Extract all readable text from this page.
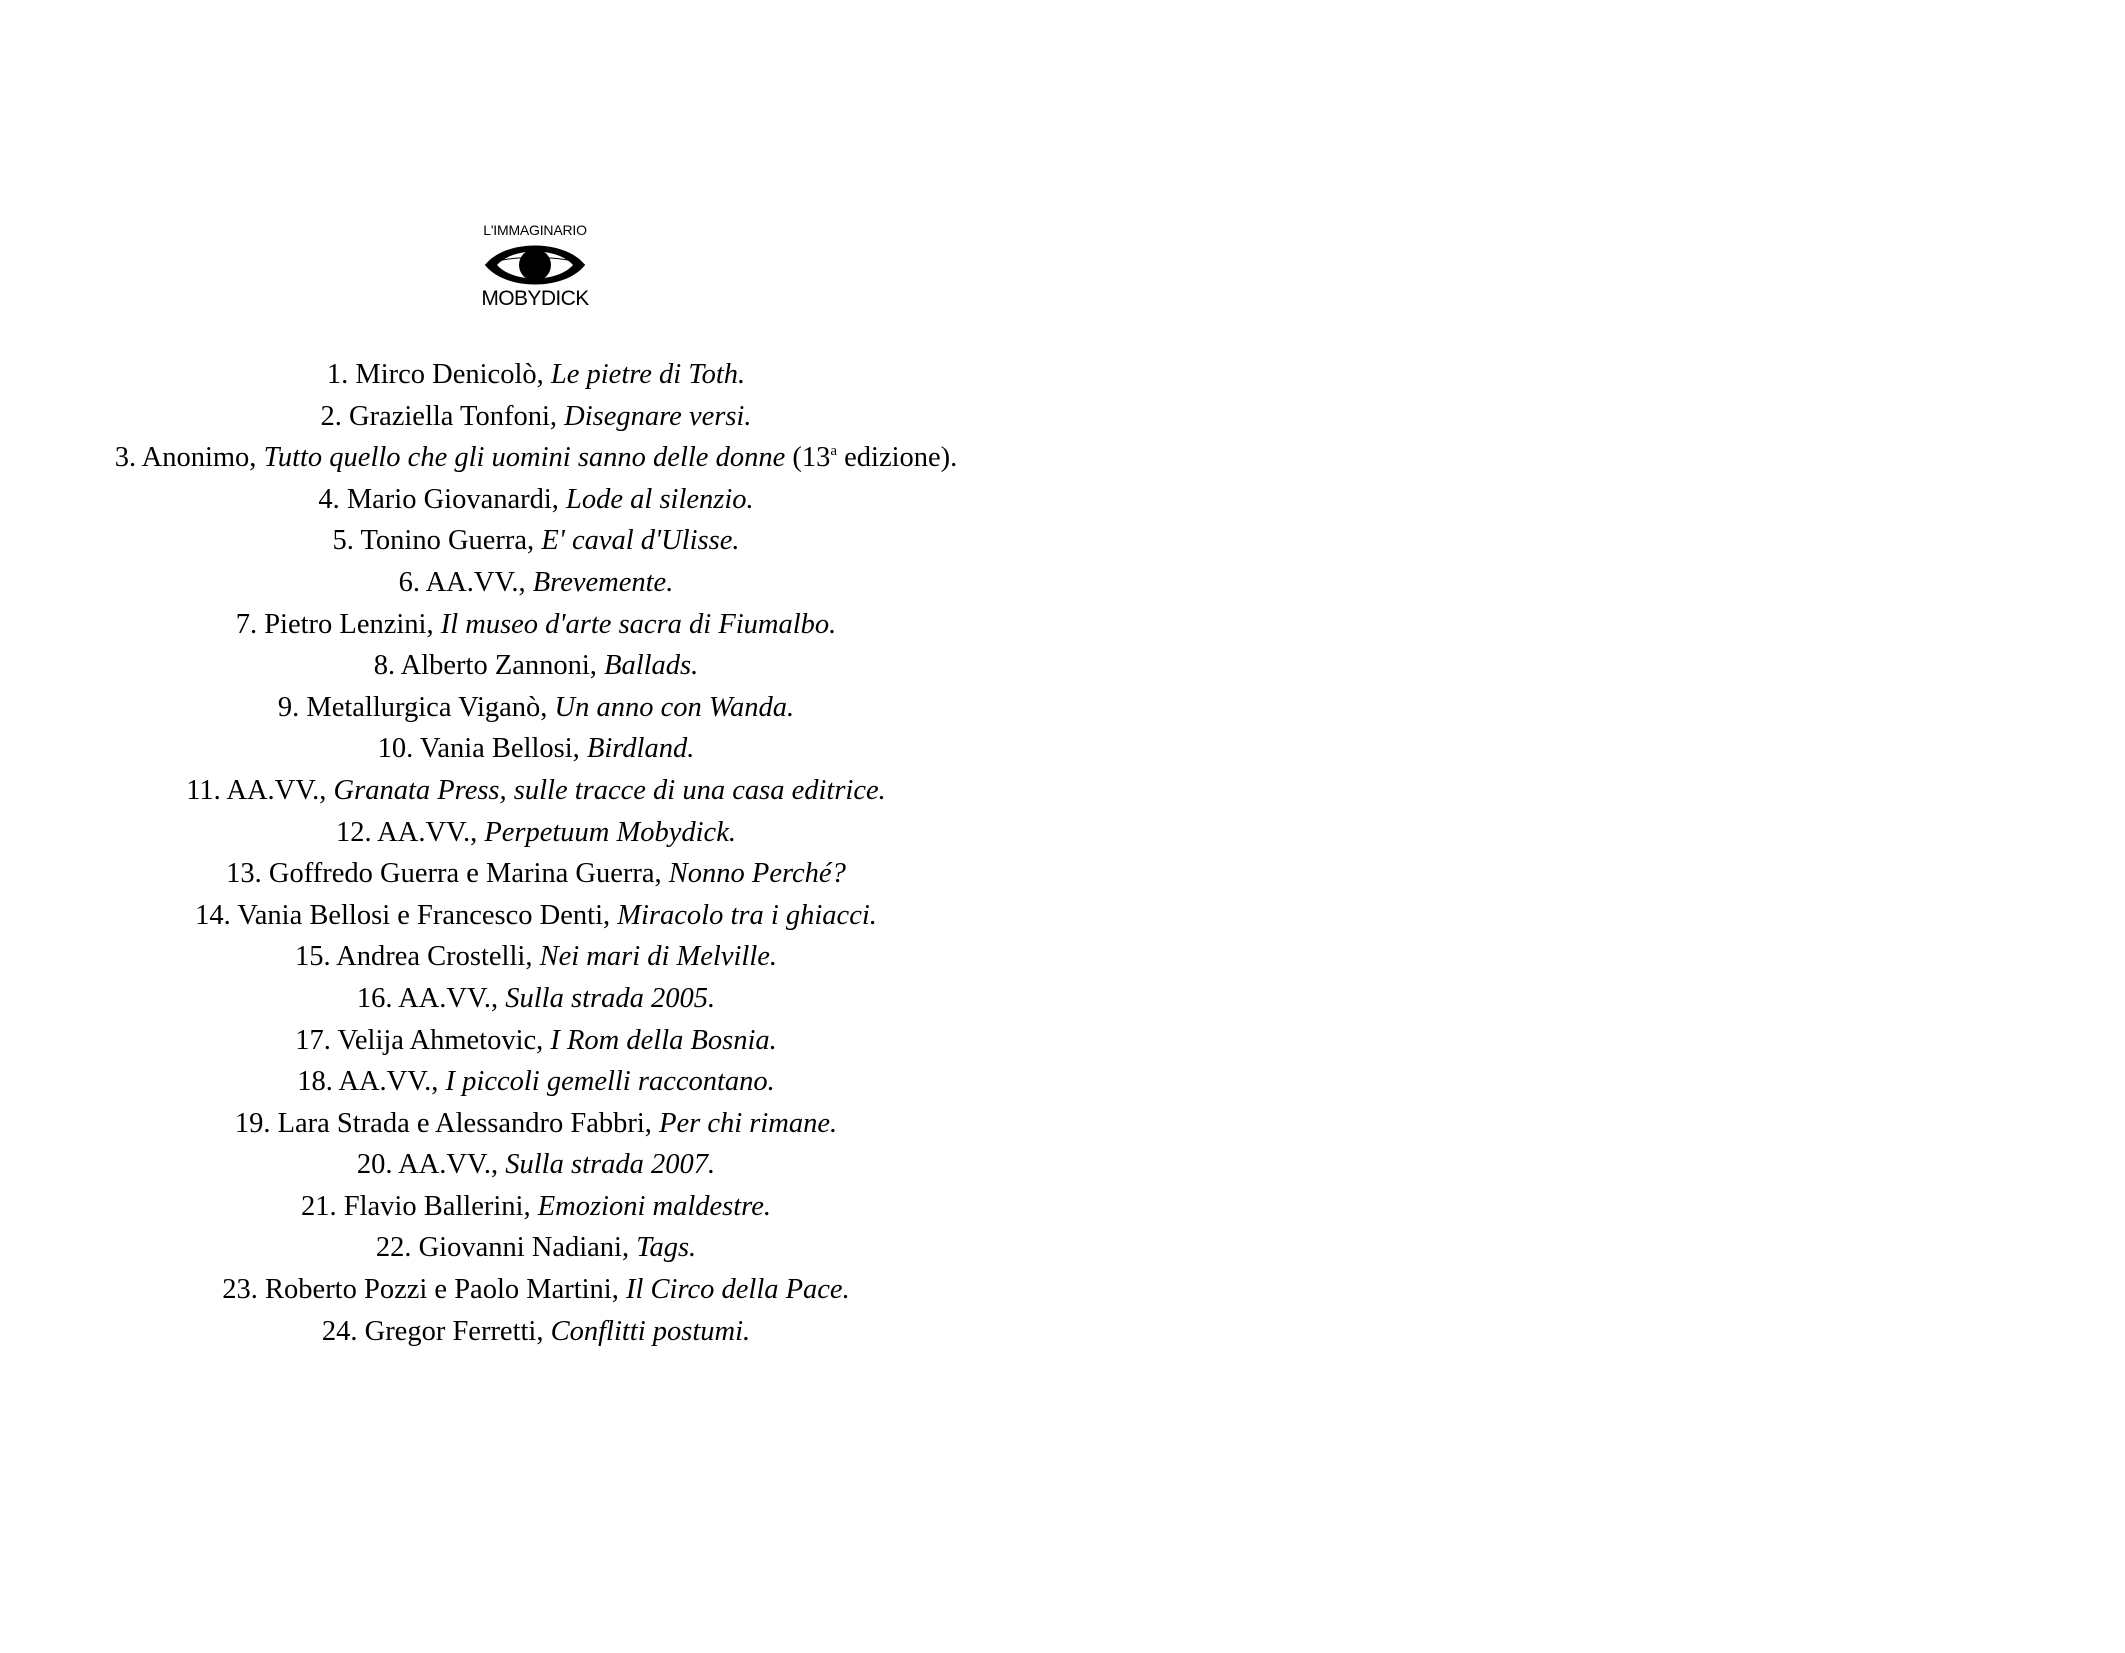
L'IMMAGINARIO
MOBYDICK
1. Mirco Denicolò, Le pietre di Toth.
2. Graziella Tonfoni, Disegnare versi.
3. Anonimo, Tutto quello che gli uomini sanno delle donne (13$^a$ edizione).
4. Mario Giovanardi, Lode al silenzio.
5. Tonino Guerra, E' caval d'Ulisse.
6. AA.VV., Brevemente.
7. Pietro Lenzini, Il museo d'arte sacra di Fiumalbo.
8. Alberto Zannoni, Ballads.
9. Metallurgica Viganò, Un anno con Wanda.
10. Vania Bellosi, Birdland.
11. AA.VV., Granata Press, sulle tracce di una casa editrice.
12. AA.VV., Perpetuum Mobydick.
13. Goffredo Guerra e Marina Guerra, Nonno Perché?
14. Vania Bellosi e Francesco Denti, Miracolo tra i ghiacci.
15. Andrea Crostelli, Nei mari di Melville.
16. AA.VV., Sulla strada 2005.
17. Velija Ahmetovic, I Rom della Bosnia.
18. AA.VV., I piccoli gemelli raccontano.
19. Lara Strada e Alessandro Fabbri, Per chi rimane.
20. AA.VV., Sulla strada 2007.
21. Flavio Ballerini, Emozioni maldestre.
22. Giovanni Nadiani, Tags.
23. Roberto Pozzi e Paolo Martini, Il Circo della Pace.
24. Gregor Ferretti, Conflitti postumi.
